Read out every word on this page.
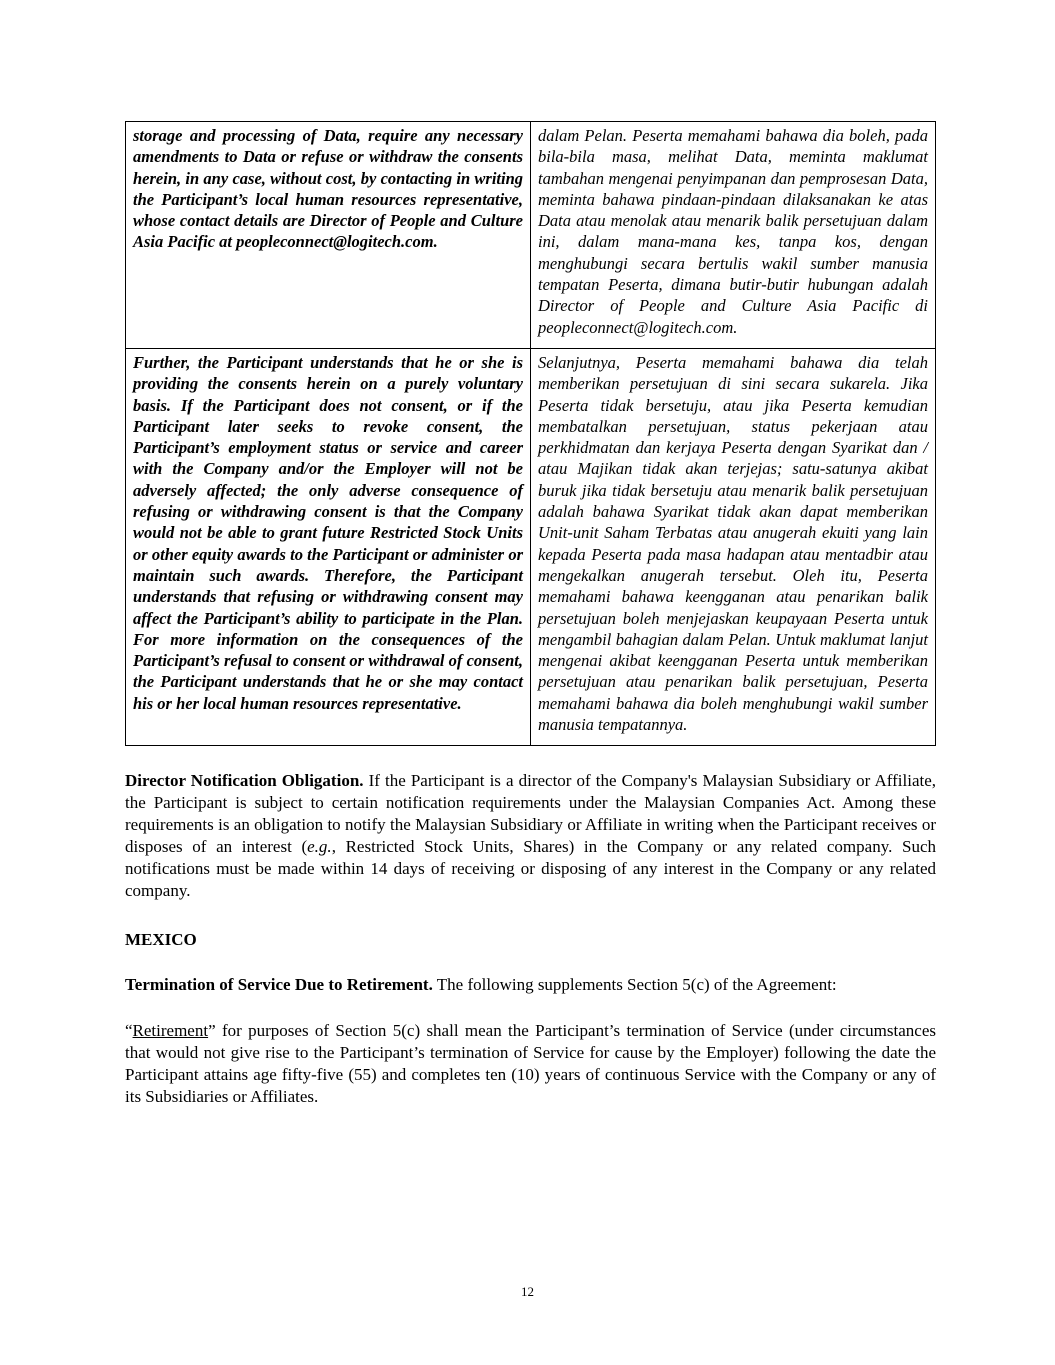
storage and processing of Data, require any necessary amendments to Data or refuse or withdraw the consents herein, in any case, without cost, by contacting in writing the Participant’s local human resources representative, whose contact details are Director of People and Culture Asia Pacific at peopleconnect@logitech.com.	dalam Pelan. Peserta memahami bahawa dia boleh, pada bila-bila masa, melihat Data, meminta maklumat tambahan mengenai penyimpanan dan pemprosesan Data, meminta bahawa pindaan-pindaan dilaksanakan ke atas Data atau menolak atau menarik balik persetujuan dalam ini, dalam mana-mana kes, tanpa kos, dengan menghubungi secara bertulis wakil sumber manusia tempatan Peserta, dimana butir-butir hubungan adalah Director of People and Culture Asia Pacific di peopleconnect@logitech.com.
Further, the Participant understands that he or she is providing the consents herein on a purely voluntary basis. If the Participant does not consent, or if the Participant later seeks to revoke consent, the Participant’s employment status or service and career with the Company and/or the Employer will not be adversely affected; the only adverse consequence of refusing or withdrawing consent is that the Company would not be able to grant future Restricted Stock Units or other equity awards to the Participant or administer or maintain such awards. Therefore, the Participant understands that refusing or withdrawing consent may affect the Participant’s ability to participate in the Plan. For more information on the consequences of the Participant’s refusal to consent or withdrawal of consent, the Participant understands that he or she may contact his or her local human resources representative.	Selanjutnya, Peserta memahami bahawa dia telah memberikan persetujuan di sini secara sukarela. Jika Peserta tidak bersetuju, atau jika Peserta kemudian membatalkan persetujuan, status pekerjaan atau perkhidmatan dan kerjaya Peserta dengan Syarikat dan / atau Majikan tidak akan terjejas; satu-satunya akibat buruk jika tidak bersetuju atau menarik balik persetujuan adalah bahawa Syarikat tidak akan dapat memberikan Unit-unit Saham Terbatas atau anugerah ekuiti yang lain kepada Peserta pada masa hadapan atau mentadbir atau mengekalkan anugerah tersebut. Oleh itu, Peserta memahami bahawa keengganan atau penarikan balik persetujuan boleh menjejaskan keupayaan Peserta untuk mengambil bahagian dalam Pelan. Untuk maklumat lanjut mengenai akibat keengganan Peserta untuk memberikan persetujuan atau penarikan balik persetujuan, Peserta memahami bahawa dia boleh menghubungi wakil sumber manusia tempatannya.

Director Notification Obligation. If the Participant is a director of the Company's Malaysian Subsidiary or Affiliate, the Participant is subject to certain notification requirements under the Malaysian Companies Act. Among these requirements is an obligation to notify the Malaysian Subsidiary or Affiliate in writing when the Participant receives or disposes of an interest (e.g., Restricted Stock Units, Shares) in the Company or any related company. Such notifications must be made within 14 days of receiving or disposing of any interest in the Company or any related company.

MEXICO

Termination of Service Due to Retirement. The following supplements Section 5(c) of the Agreement:

“Retirement” for purposes of Section 5(c) shall mean the Participant’s termination of Service (under circumstances that would not give rise to the Participant’s termination of Service for cause by the Employer) following the date the Participant attains age fifty-five (55) and completes ten (10) years of continuous Service with the Company or any of its Subsidiaries or Affiliates.

12
